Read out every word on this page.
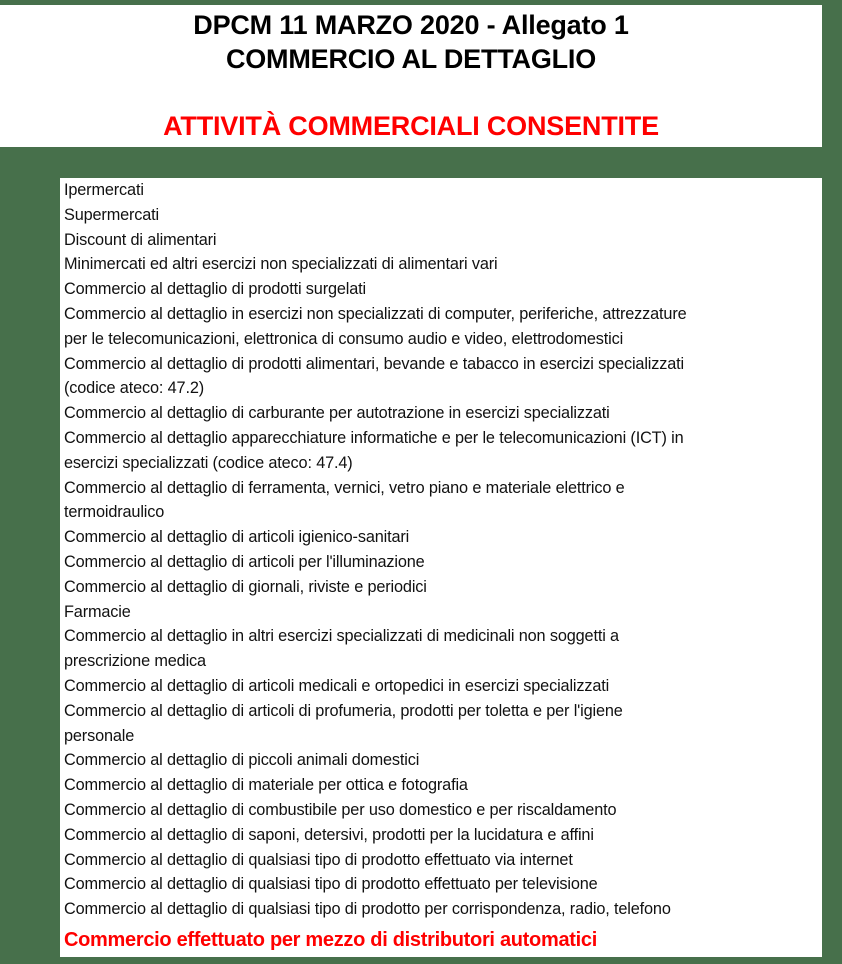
DPCM 11 MARZO 2020 - Allegato 1
COMMERCIO AL DETTAGLIO
ATTIVITÀ COMMERCIALI CONSENTITE
Ipermercati
Supermercati
Discount di alimentari
Minimercati ed altri esercizi non specializzati di alimentari vari
Commercio al dettaglio di prodotti surgelati
Commercio al dettaglio in esercizi non specializzati di computer, periferiche, attrezzature
per le telecomunicazioni, elettronica di consumo audio e video, elettrodomestici
Commercio al dettaglio di prodotti alimentari, bevande e tabacco in esercizi specializzati
(codice ateco: 47.2)
Commercio al dettaglio di carburante per autotrazione in esercizi specializzati
Commercio al dettaglio apparecchiature informatiche e per le telecomunicazioni (ICT) in
esercizi specializzati (codice ateco: 47.4)
Commercio al dettaglio di ferramenta, vernici, vetro piano e materiale elettrico e
termoidraulico
Commercio al dettaglio di articoli igienico-sanitari
Commercio al dettaglio di articoli per l'illuminazione
Commercio al dettaglio di giornali, riviste e periodici
Farmacie
Commercio al dettaglio in altri esercizi specializzati di medicinali non soggetti a
prescrizione medica
Commercio al dettaglio di articoli medicali e ortopedici in esercizi specializzati
Commercio al dettaglio di articoli di profumeria, prodotti per toletta e per l'igiene
personale
Commercio al dettaglio di piccoli animali domestici
Commercio al dettaglio di materiale per ottica e fotografia
Commercio al dettaglio di combustibile per uso domestico e per riscaldamento
Commercio al dettaglio di saponi, detersivi, prodotti per la lucidatura e affini
Commercio al dettaglio di qualsiasi tipo di prodotto effettuato via internet
Commercio al dettaglio di qualsiasi tipo di prodotto effettuato per televisione
Commercio al dettaglio di qualsiasi tipo di prodotto per corrispondenza, radio, telefono
Commercio effettuato per mezzo di distributori automatici
